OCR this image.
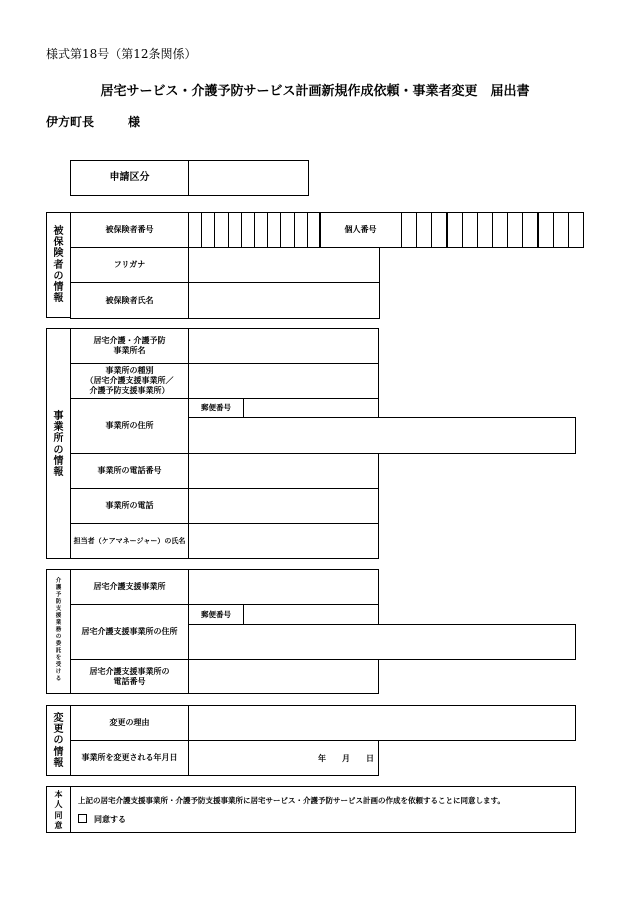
様式第18号（第12条関係）
居宅サービス・介護予防サービス計画新規作成依頼・事業者変更　届出書
伊方町長	様
申請区分	
被
保
険
者
の
情
報
被保険者番号	個人番号
フリガナ	
被保険者氏名	
事
業
所
の
情
報
居宅介護・介護予防
事業所名
事業所の種別
（居宅介護支援事業所／
介護予防支援事業所）
事業所の住所
郵便番号
事業所の電話番号
事業所の電話
担当者（ケアマネージャー）の氏名
介
護
予
防
支
援
業
務
の
委
託
を
受
け
る
居宅介護支援事業所
居宅介護支援事業所の住所
郵便番号
居宅介護支援事業所の
電話番号
変
更
の
情
報
変更の理由
事業所を変更される年月日	年 月 日
本
人
同
意
上記の居宅介護支援事業所・介護予防支援事業所に居宅サービス・介護予防サービス計画の作成を依頼することに同意します。
同意する
